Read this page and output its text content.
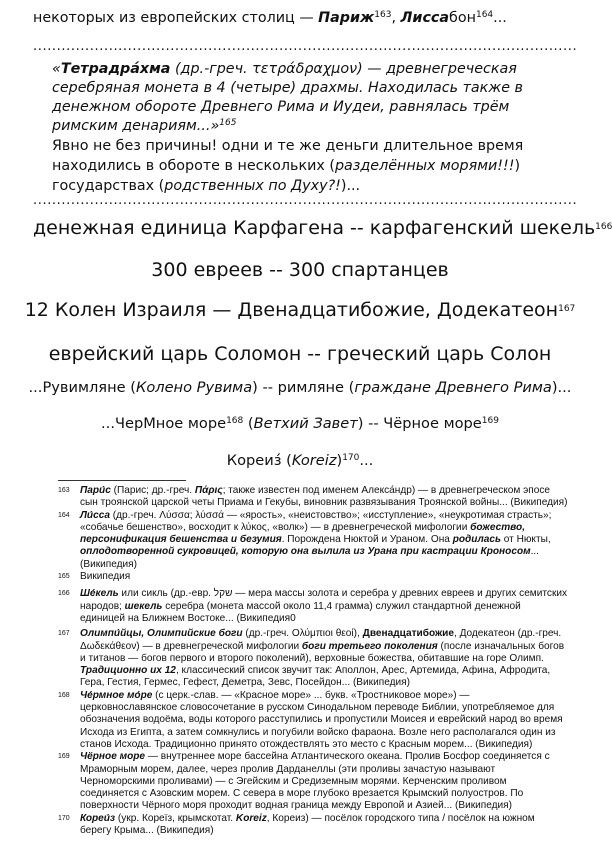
некоторых из европейских столиц — Париж$^{163}$, Лиссабон$^{164}$...
...................................................................................................................
«Тетрадра́хма (др.-греч. τετράδραχμον) — древнегреческая серебряная монета в 4 (четыре) драхмы. Находилась также в денежном обороте Древнего Рима и Иудеи, равнялась трём римским денариям...»$^{165}$
Явно не без причины! одни и те же деньги длительное время находились в обороте в нескольких (разделённых морями!!!) государствах (родственных по Духу?!)...
...................................................................................................................
денежная единица Карфагена -- карфагенский шекель$^{166}$
300 евреев -- 300 спартанцев
12 Колен Израиля — Двенадцатибожие, Додекатеон$^{167}$
еврейский царь Соломон -- греческий царь Солон
...Рувимляне (Колено Рувима) -- римляне (граждане Древнего Рима)...
...ЧерМное море$^{168}$ (Ветхий Завет) -- Чёрное море$^{169}$
Кореиз́ (Koreiz)$^{170}$...

163 Пари́с (Парис; др.-греч. Πάρις; также известен под именем Алекса́ндр) — в древнегреческом эпосе сын троянской царской четы Приама и Гекубы, виновник развязывания Троянской войны... (Википедия)

164 Ли́сса (др.-греч. Λύσσα; λύσσά — «ярость», «неистовство»; «исступление», «неукротимая страсть»; «собачье бешенство», восходит к λύκος, «волк») — в древнегреческой мифологии божество, персонификация бешенства и безумия. Порождена Нюктой и Ураном. Она родилась от Нюкты, оплодотворенной сукровицей, которую она вылила из Урана при кастрации Кроносом... (Википедия)

165 Википедия

166 Ше́кель или сикль (др.-евр. שקל — мера массы золота и серебра у древних евреев и других семитских народов; шекель серебра (монета массой около 11,4 грамма) служил стандартной денежной единицей на Ближнем Востоке... (Википедия0

167 Олимпи́йцы, Олимпийские боги (др.-греч. Ολύμπιοι θεοί), Двенадцатибожие, Додекатеон (др.-греч. Δωδεκάθεον) — в древнегреческой мифологии боги третьего поколения (после изначальных богов и титанов — богов первого и второго поколений), верховные божества, обитавшие на горе Олимп. Традиционно их 12, классический список звучит так: Аполлон, Арес, Артемида, Афина, Афродита, Гера, Гестия, Гермес, Гефест, Деметра, Зевс, Посейдон... (Википедия)

168 Че́рмное мо́ре (с церк.-слав. — «Красное море» ... букв. «Тростниковое море») — церковнославянское словосочетание в русском Синодальном переводе Библии, употребляемое для обозначения водоёма, воды которого расступились и пропустили Моисея и еврейский народ во время Исхода из Египта, а затем сомкнулись и погубили войско фараона. Возле него располагался один из станов Исхода. Традиционно принято отождествлять это место с Красным морем... (Википедия)

169 Чёрное море — внутреннее море бассейна Атлантического океана. Пролив Босфор соединяется с Мраморным морем, далее, через пролив Дарданеллы (эти проливы зачастую называют Черноморскими проливами) — с Эгейским и Средиземным морями. Керченским проливом соединяется с Азовским морем. С севера в море глубоко врезается Крымский полуостров. По поверхности Чёрного моря проходит водная граница между Европой и Азией... (Википедия)

170 Кореи́з (укр. Кореїз, крымскотат. Koreiz, Кореиз) — посёлок городского типа / посёлок на южном берегу Крыма... (Википедия)
